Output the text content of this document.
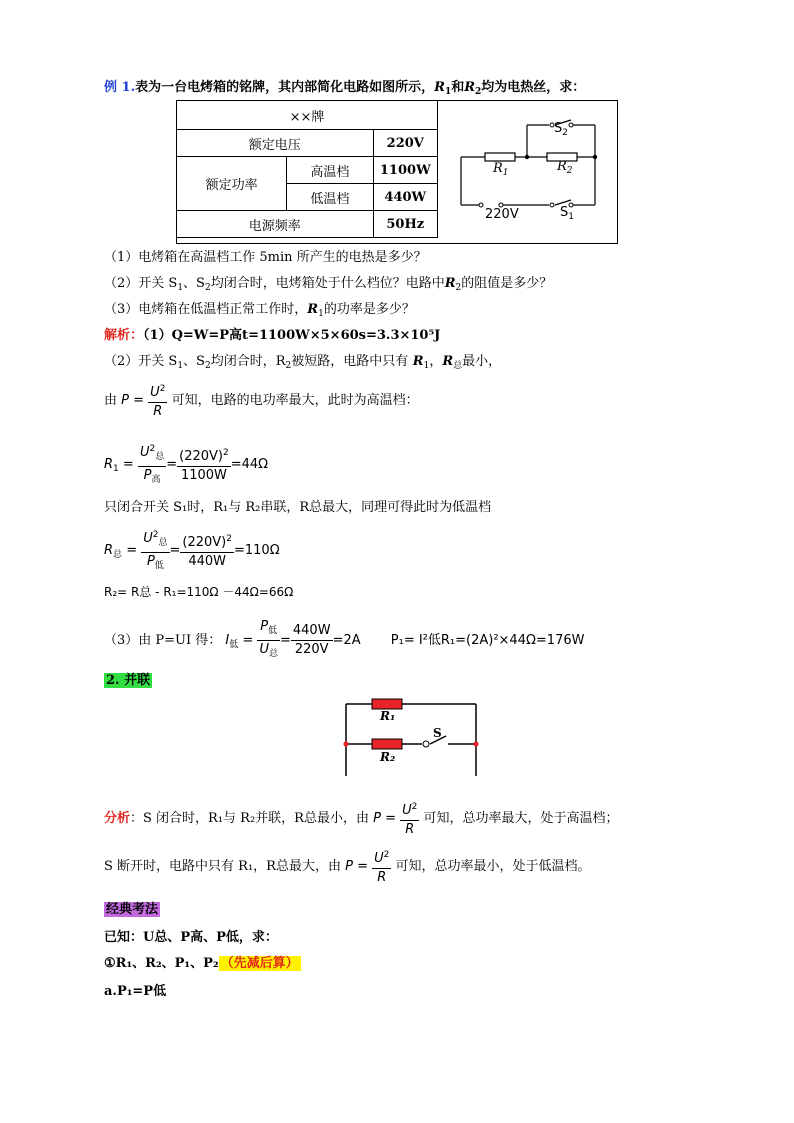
例 1.表为一台电烤箱的铭牌，其内部简化电路如图所示，$R_1$和$R_2$均为电热丝，求：
××牌		
额定电压		220V
额定功率	高温档	1100W
	低温档	440W
电源频率		50Hz
$S_2$
$R_1$	$R_2$
220V	$S_1$
（1）电烤箱在高温档工作 5min 所产生的电热是多少？
（2）开关 $S_1$、$S_2$均闭合时，电烤箱处于什么档位？电路中$R_2$的阻值是多少？
（3）电烤箱在低温档正常工作时，$R_1$的功率是多少？
解析：（1）Q=W=P高t=1100W×5×60s=3.3×10⁵J
（2）开关 $S_1$、$S_2$均闭合时，$R_2$被短路，电路中只有 $R_1$，$R_总$最小，
由 $P = \frac{U^2}{R}$ 可知，电路的电功率最大，此时为高温档：
$R_1 = \frac{U^2_总}{P_高} = \frac{(220V)^2}{1100W} =44\Omega$
只闭合开关 S₁时，R₁与 R₂串联，R总最大，同理可得此时为低温档
$R_总 = \frac{U^2_总}{P_低} = \frac{(220V)^2}{440W} =110\Omega$
R₂= R总 - R₁=110Ω －44Ω=66Ω
（3）由 P=UI 得： $I_低 = \frac{P_低}{U_总} = \frac{440W}{220V} =2A$ P₁= I²低R₁=(2A)²×44Ω=176W
2. 并联
R₁
R₂
S
分析：S 闭合时，R₁与 R₂并联，R总最小，由 $P = \frac{U^2}{R}$ 可知，总功率最大，处于高温档；
S 断开时，电路中只有 R₁，R总最大，由 $P = \frac{U^2}{R}$ 可知，总功率最小，处于低温档。
经典考法
已知：U总、P高、P低，求：
①R₁、R₂、P₁、P₂ （先减后算）
a.P₁=P低
